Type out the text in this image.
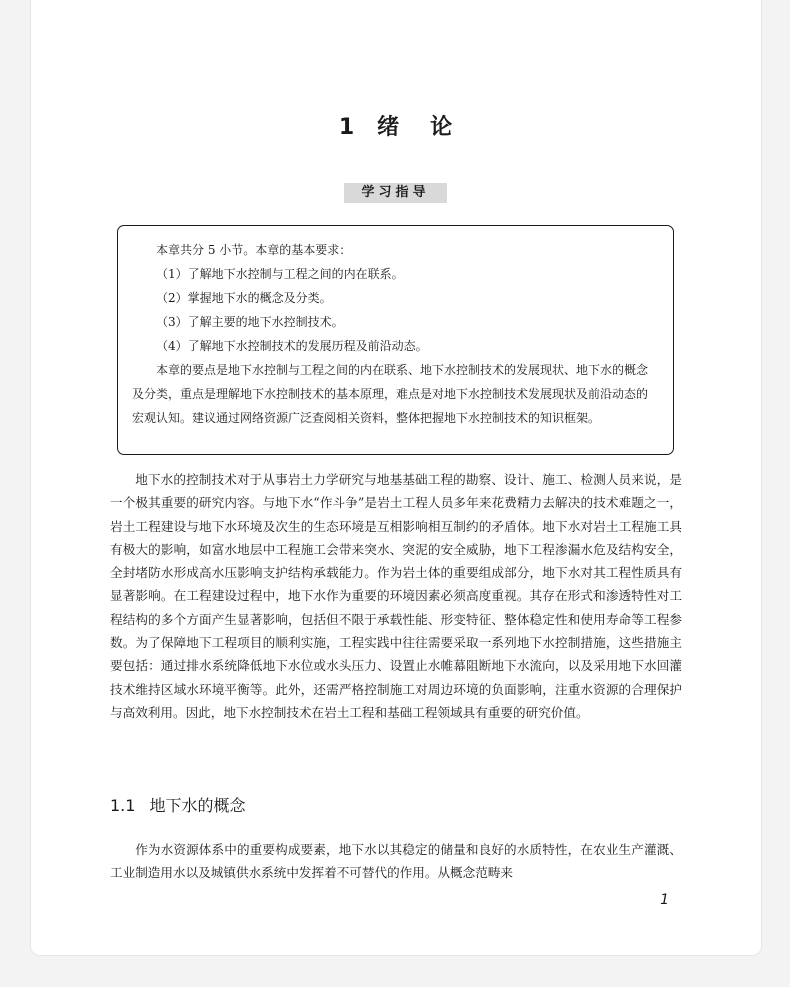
1 绪 论
学习指导

本章共分 5 小节。本章的基本要求：

（1）了解地下水控制与工程之间的内在联系。

（2）掌握地下水的概念及分类。

（3）了解主要的地下水控制技术。

（4）了解地下水控制技术的发展历程及前沿动态。

本章的要点是地下水控制与工程之间的内在联系、地下水控制技术的发展现状、地下水的概念及分类，重点是理解地下水控制技术的基本原理，难点是对地下水控制技术发展现状及前沿动态的宏观认知。建议通过网络资源广泛查阅相关资料，整体把握地下水控制技术的知识框架。

地下水的控制技术对于从事岩土力学研究与地基基础工程的勘察、设计、施工、检测人员来说，是一个极其重要的研究内容。与地下水“作斗争”是岩土工程人员多年来花费精力去解决的技术难题之一，岩土工程建设与地下水环境及次生的生态环境是互相影响相互制约的矛盾体。地下水对岩土工程施工具有极大的影响，如富水地层中工程施工会带来突水、突泥的安全威胁，地下工程渗漏水危及结构安全，全封堵防水形成高水压影响支护结构承载能力。作为岩土体的重要组成部分，地下水对其工程性质具有显著影响。在工程建设过程中，地下水作为重要的环境因素必须高度重视。其存在形式和渗透特性对工程结构的多个方面产生显著影响，包括但不限于承载性能、形变特征、整体稳定性和使用寿命等工程参数。为了保障地下工程项目的顺利实施，工程实践中往往需要采取一系列地下水控制措施，这些措施主要包括：通过排水系统降低地下水位或水头压力、设置止水帷幕阻断地下水流向，以及采用地下水回灌技术维持区域水环境平衡等。此外，还需严格控制施工对周边环境的负面影响，注重水资源的合理保护与高效利用。因此，地下水控制技术在岩土工程和基础工程领域具有重要的研究价值。

1.1 地下水的概念

作为水资源体系中的重要构成要素，地下水以其稳定的储量和良好的水质特性，在农业生产灌溉、工业制造用水以及城镇供水系统中发挥着不可替代的作用。从概念范畴来

1
